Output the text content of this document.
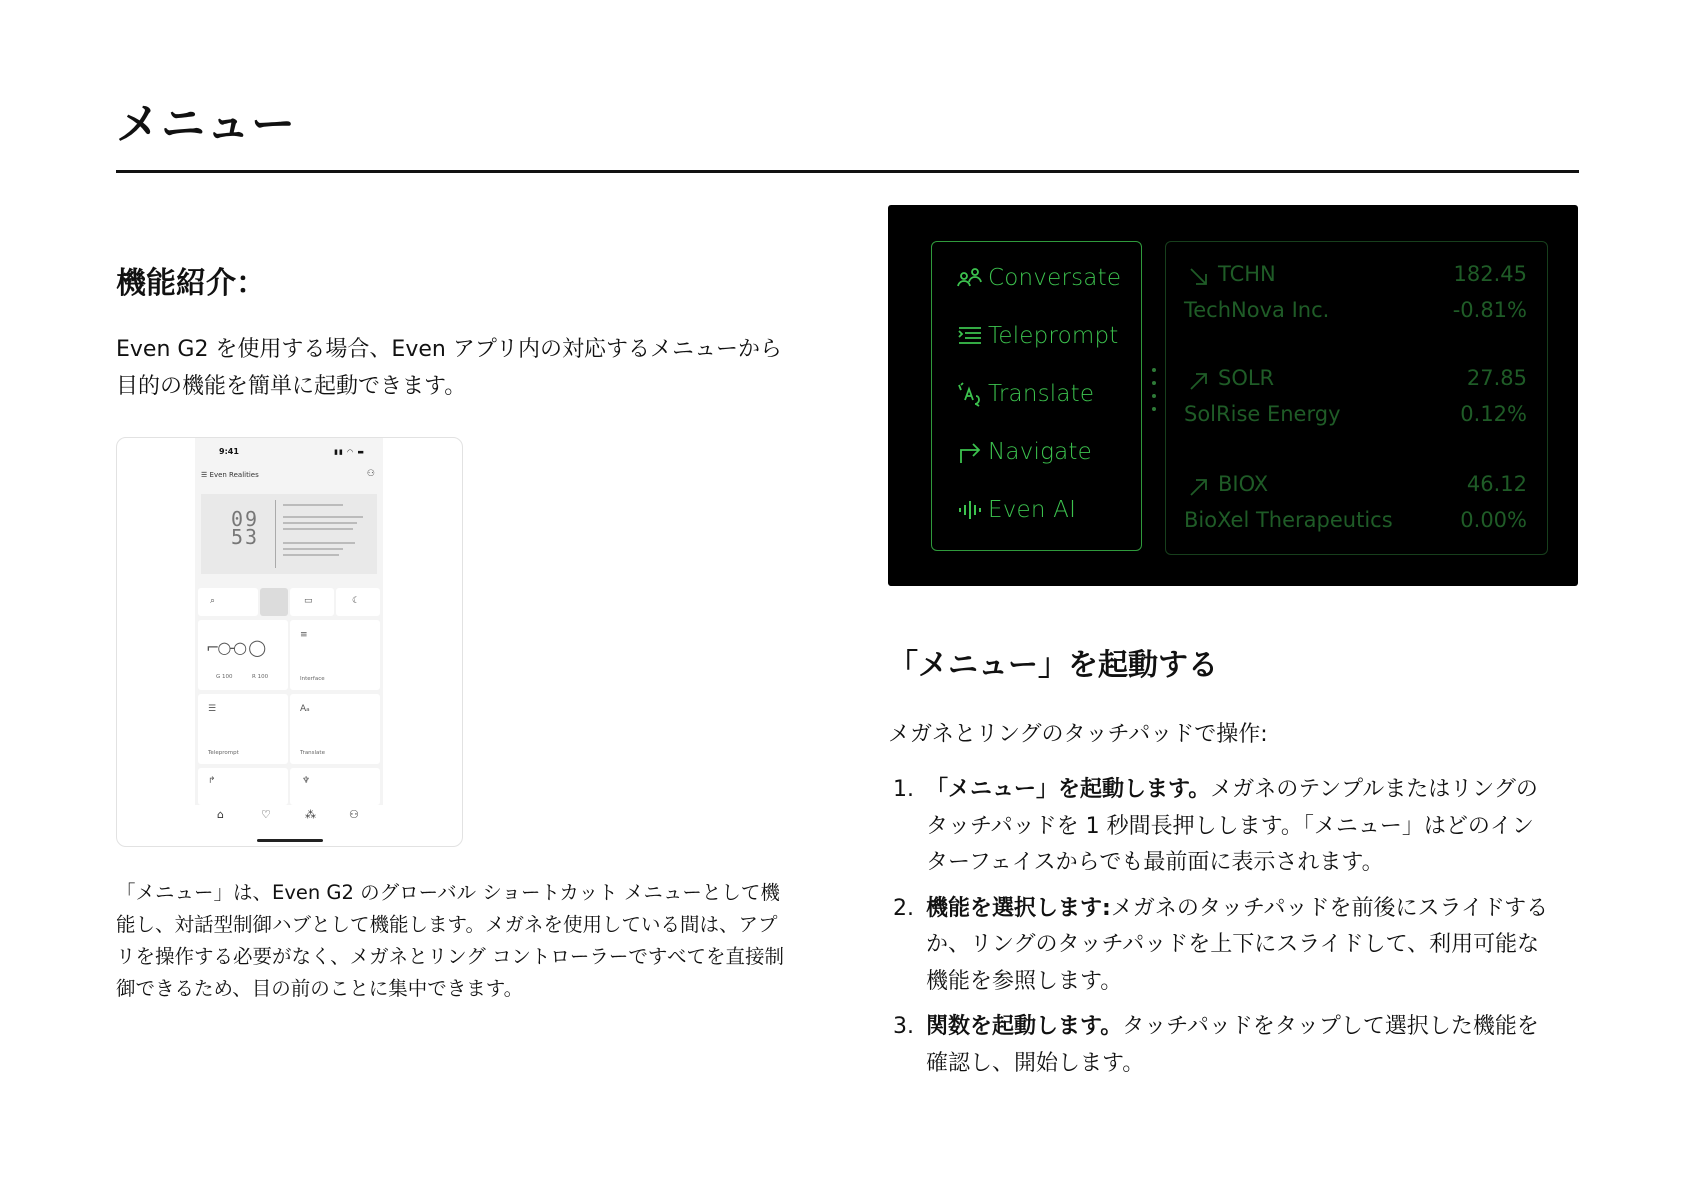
メニュー
機能紹介：

Even G2 を使用する場合、Even アプリ内の対応するメニューから
目的の機能を簡単に起動できます。

9:41	▮▮ ◠ ▬
☰ Even Realities	⚇
09
53
⌕	▭	☾
⌐○-○ ◯
G 100	R 100
≡
Interface
☰
Teleprompt
Aₐ
Translate
↱	♆
⌂	♡	⁂	⚇

「メニュー」は、Even G2 のグローバル ショートカット メニューとして機
能し、対話型制御ハブとして機能します。メガネを使用している間は、アプ
リを操作する必要がなく、メガネとリング コントローラーですべてを直接制
御できるため、目の前のことに集中できます。

Conversate
Teleprompt
Translate
Navigate
Even AI
TCHN	182.45
TechNova Inc.	-0.81%
SOLR	27.85
SolRise Energy	0.12%
BIOX	46.12
BioXel Therapeutics	0.00%
「メニュー」を起動する

メガネとリングのタッチパッドで操作:

1. 「メニュー」を起動します。メガネのテンプルまたはリングの
タッチパッドを 1 秒間長押しします。「メニュー」はどのイン
ターフェイスからでも最前面に表示されます。
2. 機能を選択します:メガネのタッチパッドを前後にスライドする
か、リングのタッチパッドを上下にスライドして、利用可能な
機能を参照します。
3. 関数を起動します。タッチパッドをタップして選択した機能を
確認し、開始します。
